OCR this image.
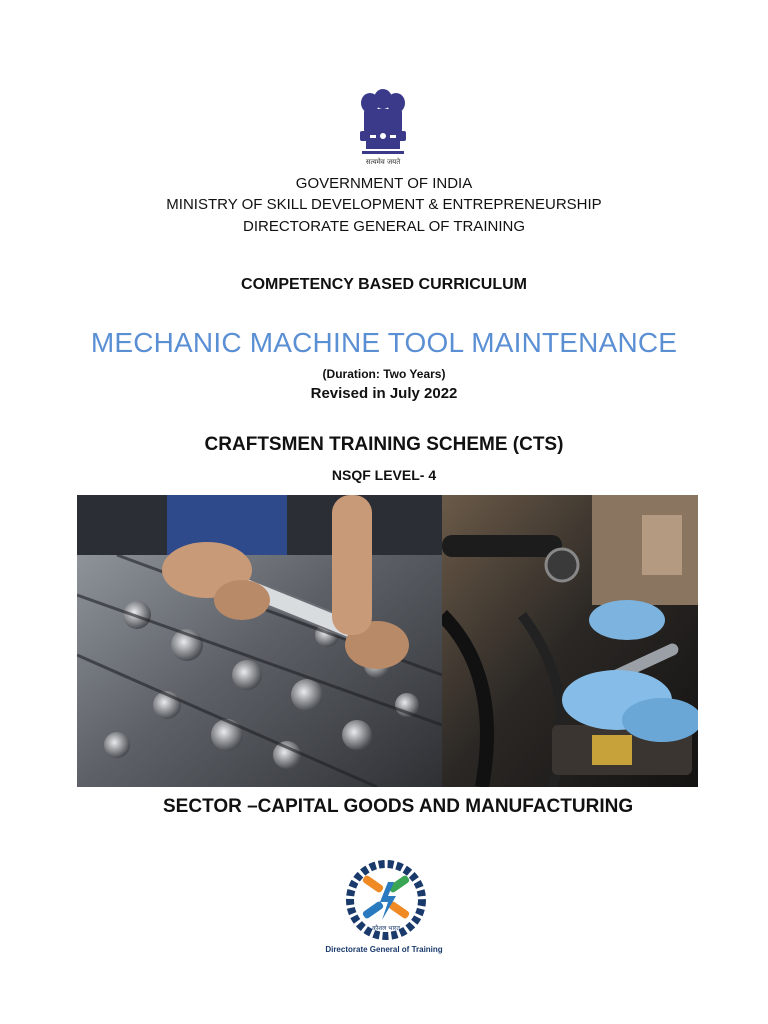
सत्यमेव जयते
GOVERNMENT OF INDIA
MINISTRY OF SKILL DEVELOPMENT & ENTREPRENEURSHIP
DIRECTORATE GENERAL OF TRAINING
COMPETENCY BASED CURRICULUM
MECHANIC MACHINE TOOL MAINTENANCE
(Duration: Two Years)
Revised in July 2022
CRAFTSMEN TRAINING SCHEME (CTS)
NSQF LEVEL- 4
SECTOR –CAPITAL GOODS AND MANUFACTURING
कौशल भारत
Directorate General of Training
